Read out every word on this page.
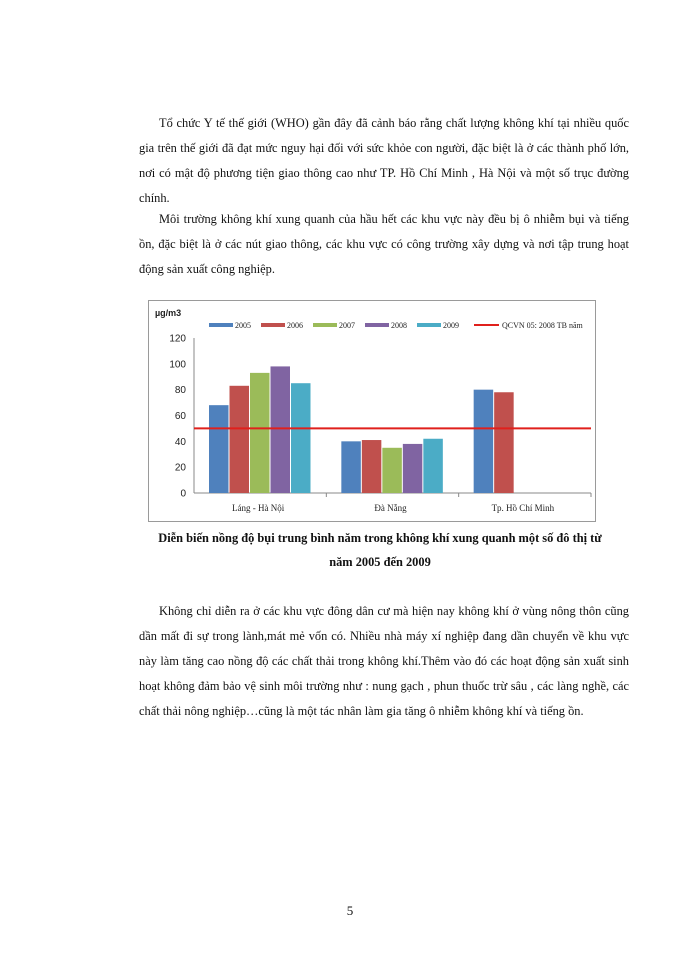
Tổ chức Y tế thế giới (WHO) gần đây đã cảnh báo rằng chất lượng không khí tại nhiều quốc gia trên thế giới đã đạt mức nguy hại đối với sức khỏe con người, đặc biệt là ở các thành phố lớn, nơi có mật độ phương tiện giao thông cao như TP. Hồ Chí Minh , Hà Nội và một số trục đường chính.
Môi trường không khí xung quanh của hầu hết các khu vực này đều bị ô nhiễm bụi và tiếng ồn, đặc biệt là ở các nút giao thông, các khu vực có công trường xây dựng và nơi tập trung hoạt động sản xuất công nghiệp.
µg/m3
0
20
40
60
80
100
120
Láng - Hà Nội	Đà Nẵng	Tp. Hồ Chí Minh
2005	2006	2007	2008	2009	QCVN 05: 2008 TB năm
Diễn biến nồng độ bụi trung bình năm trong không khí xung quanh một số đô thị từ
năm 2005 đến 2009
Không chỉ diễn ra ở các khu vực đông dân cư mà hiện nay không khí ở vùng nông thôn cũng dần mất đi sự trong lành,mát mẻ vốn có. Nhiều nhà máy xí nghiệp đang dần chuyển về khu vực này làm tăng cao nồng độ các chất thải trong không khí.Thêm vào đó các hoạt động sản xuất sinh hoạt không đảm bảo vệ sinh môi trường như : nung gạch , phun thuốc trừ sâu , các làng nghề, các chất thải nông nghiệp…cũng là một tác nhân làm gia tăng ô nhiễm không khí và tiếng ồn.
5
